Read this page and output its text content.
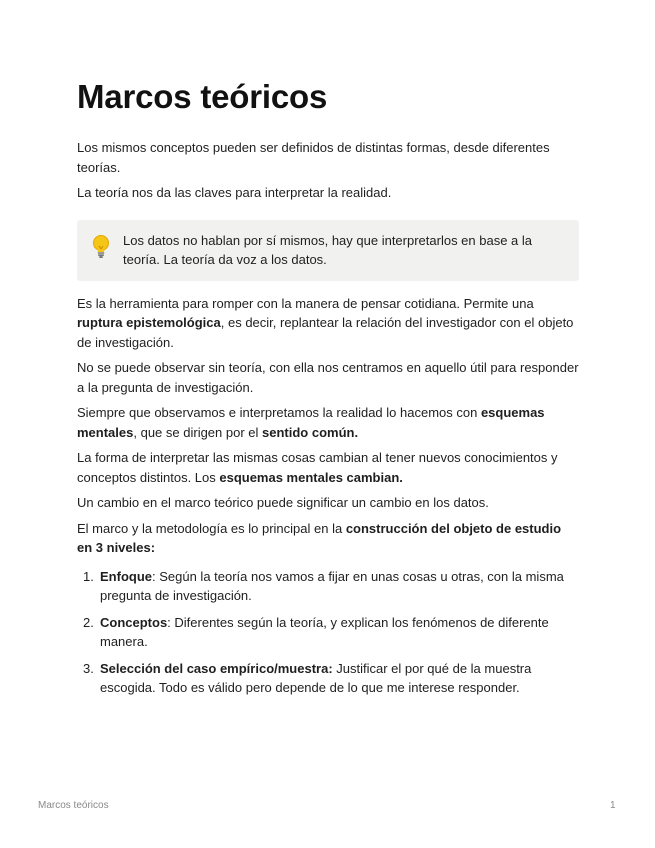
Marcos teóricos

Los mismos conceptos pueden ser definidos de distintas formas, desde diferentes teorías.

La teoría nos da las claves para interpretar la realidad.

Los datos no hablan por sí mismos, hay que interpretarlos en base a la teoría. La teoría da voz a los datos.

Es la herramienta para romper con la manera de pensar cotidiana. Permite una ruptura epistemológica, es decir, replantear la relación del investigador con el objeto de investigación.

No se puede observar sin teoría, con ella nos centramos en aquello útil para responder a la pregunta de investigación.

Siempre que observamos e interpretamos la realidad lo hacemos con esquemas mentales, que se dirigen por el sentido común.

La forma de interpretar las mismas cosas cambian al tener nuevos conocimientos y conceptos distintos. Los esquemas mentales cambian.

Un cambio en el marco teórico puede significar un cambio en los datos.

El marco y la metodología es lo principal en la construcción del objeto de estudio en 3 niveles:

1. Enfoque: Según la teoría nos vamos a fijar en unas cosas u otras, con la misma pregunta de investigación.
2. Conceptos: Diferentes según la teoría, y explican los fenómenos de diferente manera.
3. Selección del caso empírico/muestra: Justificar el por qué de la muestra escogida. Todo es válido pero depende de lo que me interese responder.
Marcos teóricos	1
